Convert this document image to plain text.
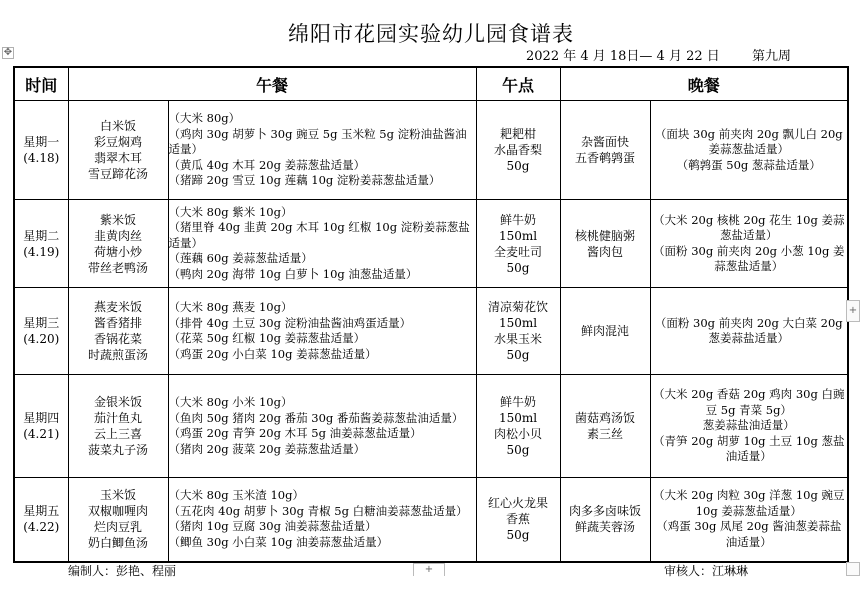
绵阳市花园实验幼儿园食谱表
✥	2022 年 4 月 18日— 4 月 22 日 第九周
时间	午餐		午点	晚餐	

星期一
(4.18)	白米饭
彩豆焖鸡
翡翠木耳
雪豆蹄花汤	（大米 80g）
（鸡肉 30g 胡萝卜 30g 豌豆 5g 玉米粒 5g 淀粉油盐酱油适量）
（黄瓜 40g 木耳 20g 姜蒜葱盐适量）
（猪蹄 20g 雪豆 10g 莲藕 10g 淀粉姜蒜葱盐适量）	耙耙柑
水晶香梨
50g	杂酱面快
五香鹌鹑蛋	（面块 30g 前夹肉 20g 飘儿白 20g 姜蒜葱盐适量）
（鹌鹑蛋 50g 葱蒜盐适量）

星期二
(4.19)	紫米饭
韭黄肉丝
荷塘小炒
带丝老鸭汤	（大米 80g 紫米 10g）
（猪里脊 40g 韭黄 20g 木耳 10g 红椒 10g 淀粉姜蒜葱盐适量）
（莲藕 60g 姜蒜葱盐适量）
（鸭肉 20g 海带 10g 白萝卜 10g 油葱盐适量）	鲜牛奶
150ml
全麦吐司
50g	核桃健脑粥
酱肉包	（大米 20g 核桃 20g 花生 10g 姜蒜葱盐适量）
（面粉 30g 前夹肉 20g 小葱 10g 姜蒜葱盐适量）

星期三
(4.20)	燕麦米饭
酱香猪排
香锅花菜
时蔬煎蛋汤	（大米 80g 燕麦 10g）
（排骨 40g 土豆 30g 淀粉油盐酱油鸡蛋适量）
（花菜 50g 红椒 10g 姜蒜葱盐适量）
（鸡蛋 20g 小白菜 10g 姜蒜葱盐适量）	清凉菊花饮
150ml
水果玉米
50g	鲜肉混沌	（面粉 30g 前夹肉 20g 大白菜 20g 葱姜蒜盐适量）

星期四
(4.21)	金银米饭
茄汁鱼丸
云上三喜
菠菜丸子汤	（大米 80g 小米 10g）
（鱼肉 50g 猪肉 20g 番茄 30g 番茄酱姜蒜葱盐油适量）
（鸡蛋 20g 青笋 20g 木耳 5g 油姜蒜葱盐适量）
（猪肉 20g 菠菜 20g 姜蒜葱盐适量）	鲜牛奶
150ml
肉松小贝
50g	菌菇鸡汤饭
素三丝	（大米 20g 香菇 20g 鸡肉 30g 白豌豆 5g 青菜 5g）
葱姜蒜盐油适量）
（青笋 20g 胡萝 10g 土豆 10g 葱盐油适量）

星期五
(4.22)	玉米饭
双椒咖喱肉
烂肉豆乳
奶白鲫鱼汤	（大米 80g 玉米渣 10g）
（五花肉 40g 胡萝卜 30g 青椒 5g 白糖油姜蒜葱盐适量）
（猪肉 10g 豆腐 30g 油姜蒜葱盐适量）
（鲫鱼 30g 小白菜 10g 油姜蒜葱盐适量）	红心火龙果
香蕉
50g	肉多多卤味饭
鲜蔬芙蓉汤	（大米 20g 肉粒 30g 洋葱 10g 豌豆 10g 姜蒜葱盐适量）
（鸡蛋 30g 凤尾 20g 酱油葱姜蒜盐油适量）
编制人：彭艳、程丽	+	审核人：江琳琳
+
